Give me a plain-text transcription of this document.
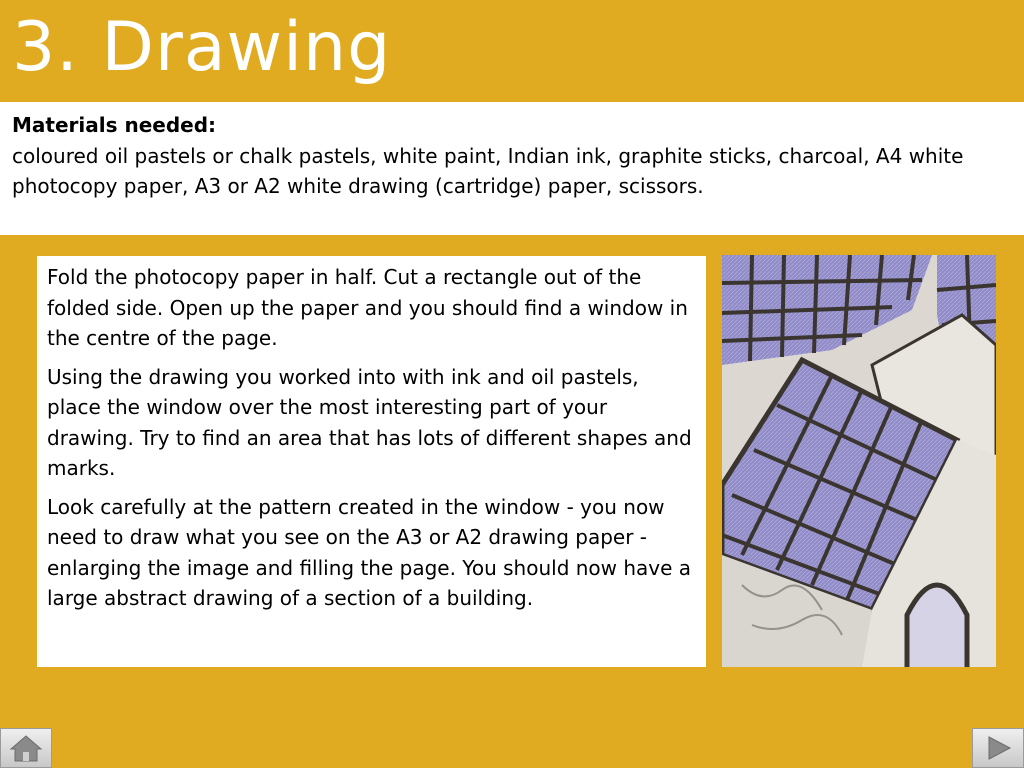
3. Drawing
Materials needed:
coloured oil pastels or chalk pastels, white paint, Indian ink, graphite sticks, charcoal, A4 white photocopy paper, A3 or A2 white drawing (cartridge) paper, scissors.

Fold the photocopy paper in half. Cut a rectangle out of the folded side. Open up the paper and you should find a window in the centre of the page.

Using the drawing you worked into with ink and oil pastels, place the window over the most interesting part of your drawing. Try to find an area that has lots of different shapes and marks.

Look carefully at the pattern created in the window - you now need to draw what you see on the A3 or A2 drawing paper - enlarging the image and filling the page. You should now have a large abstract drawing of a section of a building.
